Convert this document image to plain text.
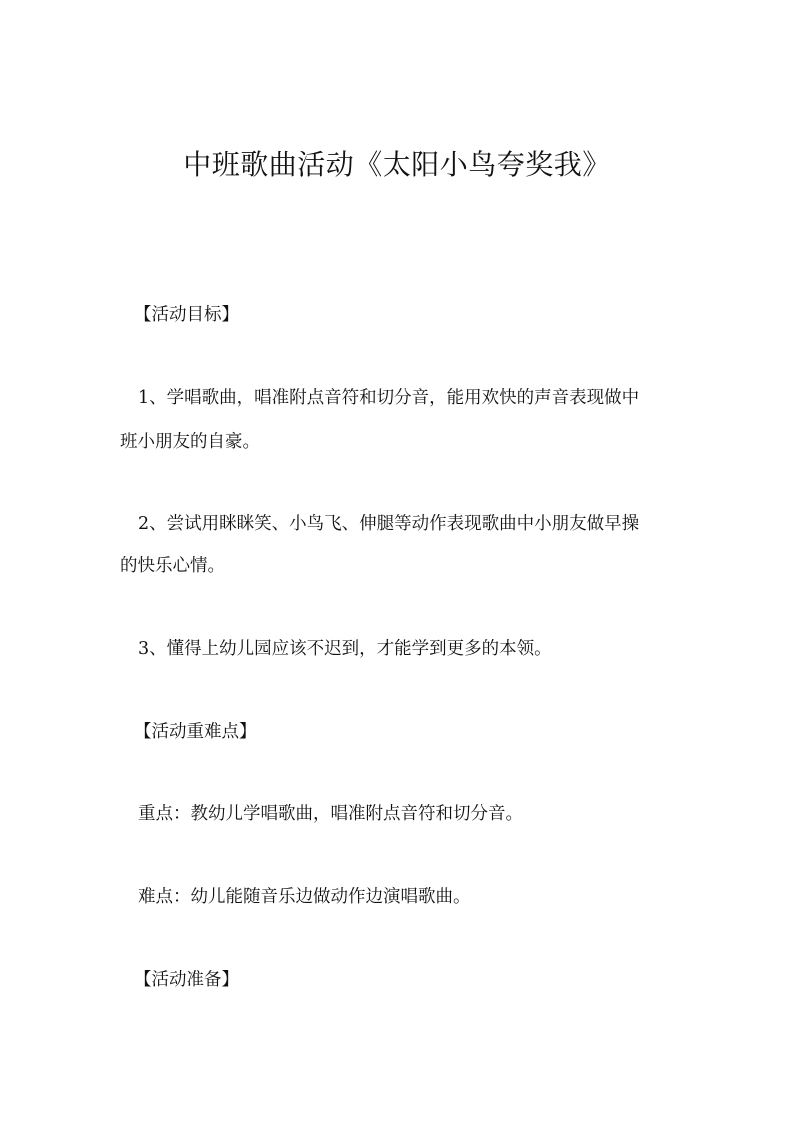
中班歌曲活动《太阳小鸟夸奖我》
【活动目标】
1、学唱歌曲，唱准附点音符和切分音，能用欢快的声音表现做中
班小朋友的自豪。
2、尝试用眯眯笑、小鸟飞、伸腿等动作表现歌曲中小朋友做早操
的快乐心情。
3、懂得上幼儿园应该不迟到，才能学到更多的本领。
【活动重难点】
重点：教幼儿学唱歌曲，唱准附点音符和切分音。
难点：幼儿能随音乐边做动作边演唱歌曲。
【活动准备】
